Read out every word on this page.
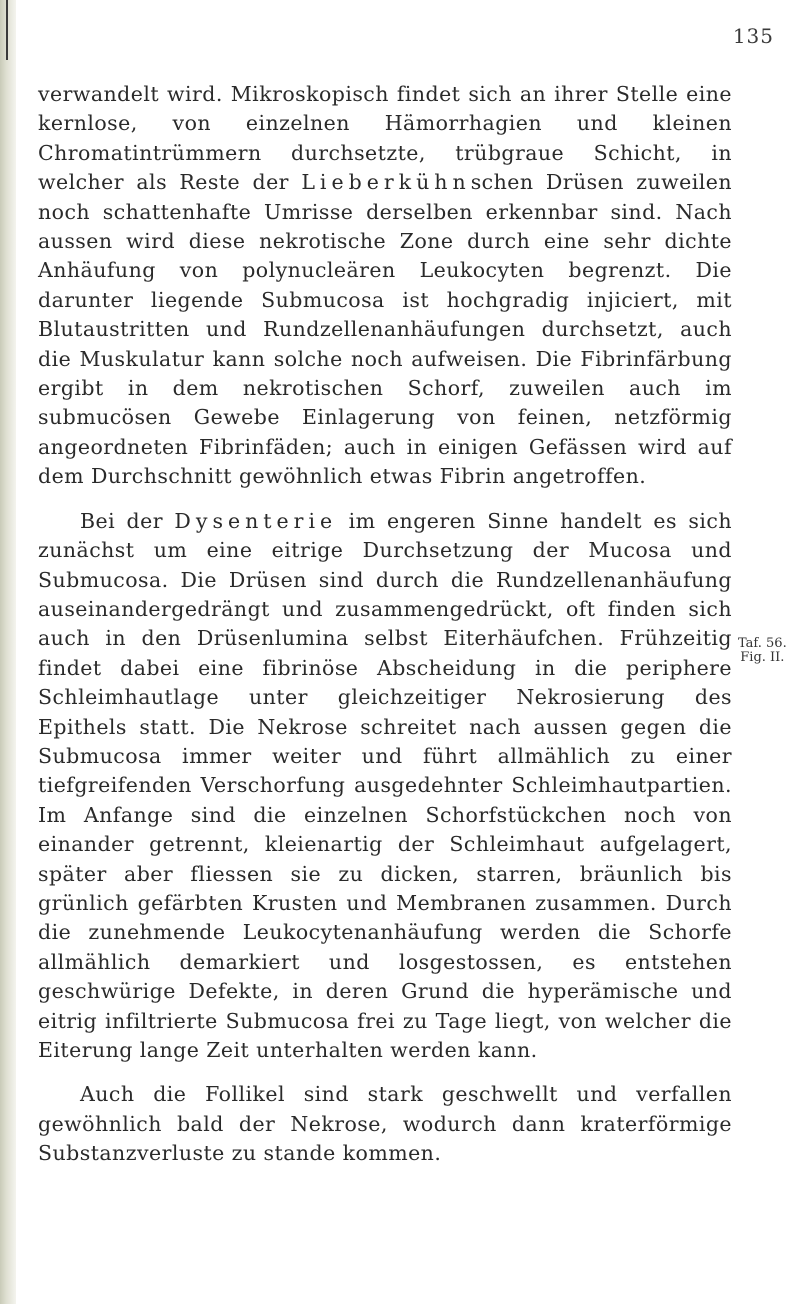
135

verwandelt wird. Mikroskopisch findet sich an ihrer Stelle eine kernlose, von einzelnen Hämorrhagien und kleinen Chromatintrümmern durchsetzte, trübgraue Schicht, in welcher als Reste der Lieberkühnschen Drüsen zuweilen noch schattenhafte Umrisse derselben erkennbar sind. Nach aussen wird diese nekrotische Zone durch eine sehr dichte Anhäufung von polynucleären Leukocyten begrenzt. Die darunter liegende Submucosa ist hochgradig injiciert, mit Blutaustritten und Rundzellenanhäufungen durchsetzt, auch die Muskulatur kann solche noch aufweisen. Die Fibrinfärbung ergibt in dem nekrotischen Schorf, zuweilen auch im submucösen Gewebe Einlagerung von feinen, netzförmig angeordneten Fibrinfäden; auch in einigen Gefässen wird auf dem Durchschnitt gewöhnlich etwas Fibrin angetroffen.

Bei der Dysenterie im engeren Sinne handelt es sich zunächst um eine eitrige Durchsetzung der Mucosa und Submucosa. Die Drüsen sind durch die Rundzellenanhäufung auseinandergedrängt und zusammengedrückt, oft finden sich auch in den Drüsenlumina selbst Eiterhäufchen. Frühzeitig findet dabei eine fibrinöse Abscheidung in die periphere Schleimhautlage unter gleichzeitiger Nekrosierung des Epithels statt. Die Nekrose schreitet nach aussen gegen die Submucosa immer weiter und führt allmählich zu einer tiefgreifenden Verschorfung ausgedehnter Schleimhautpartien. Im Anfange sind die einzelnen Schorfstückchen noch von einander getrennt, kleienartig der Schleimhaut aufgelagert, später aber fliessen sie zu dicken, starren, bräunlich bis grünlich gefärbten Krusten und Membranen zusammen. Durch die zunehmende Leukocytenanhäufung werden die Schorfe allmählich demarkiert und losgestossen, es entstehen geschwürige Defekte, in deren Grund die hyperämische und eitrig infiltrierte Submucosa frei zu Tage liegt, von welcher die Eiterung lange Zeit unterhalten werden kann.

Auch die Follikel sind stark geschwellt und verfallen gewöhnlich bald der Nekrose, wodurch dann kraterförmige Substanzverluste zu stande kommen.

Taf. 56.
Fig. II.
